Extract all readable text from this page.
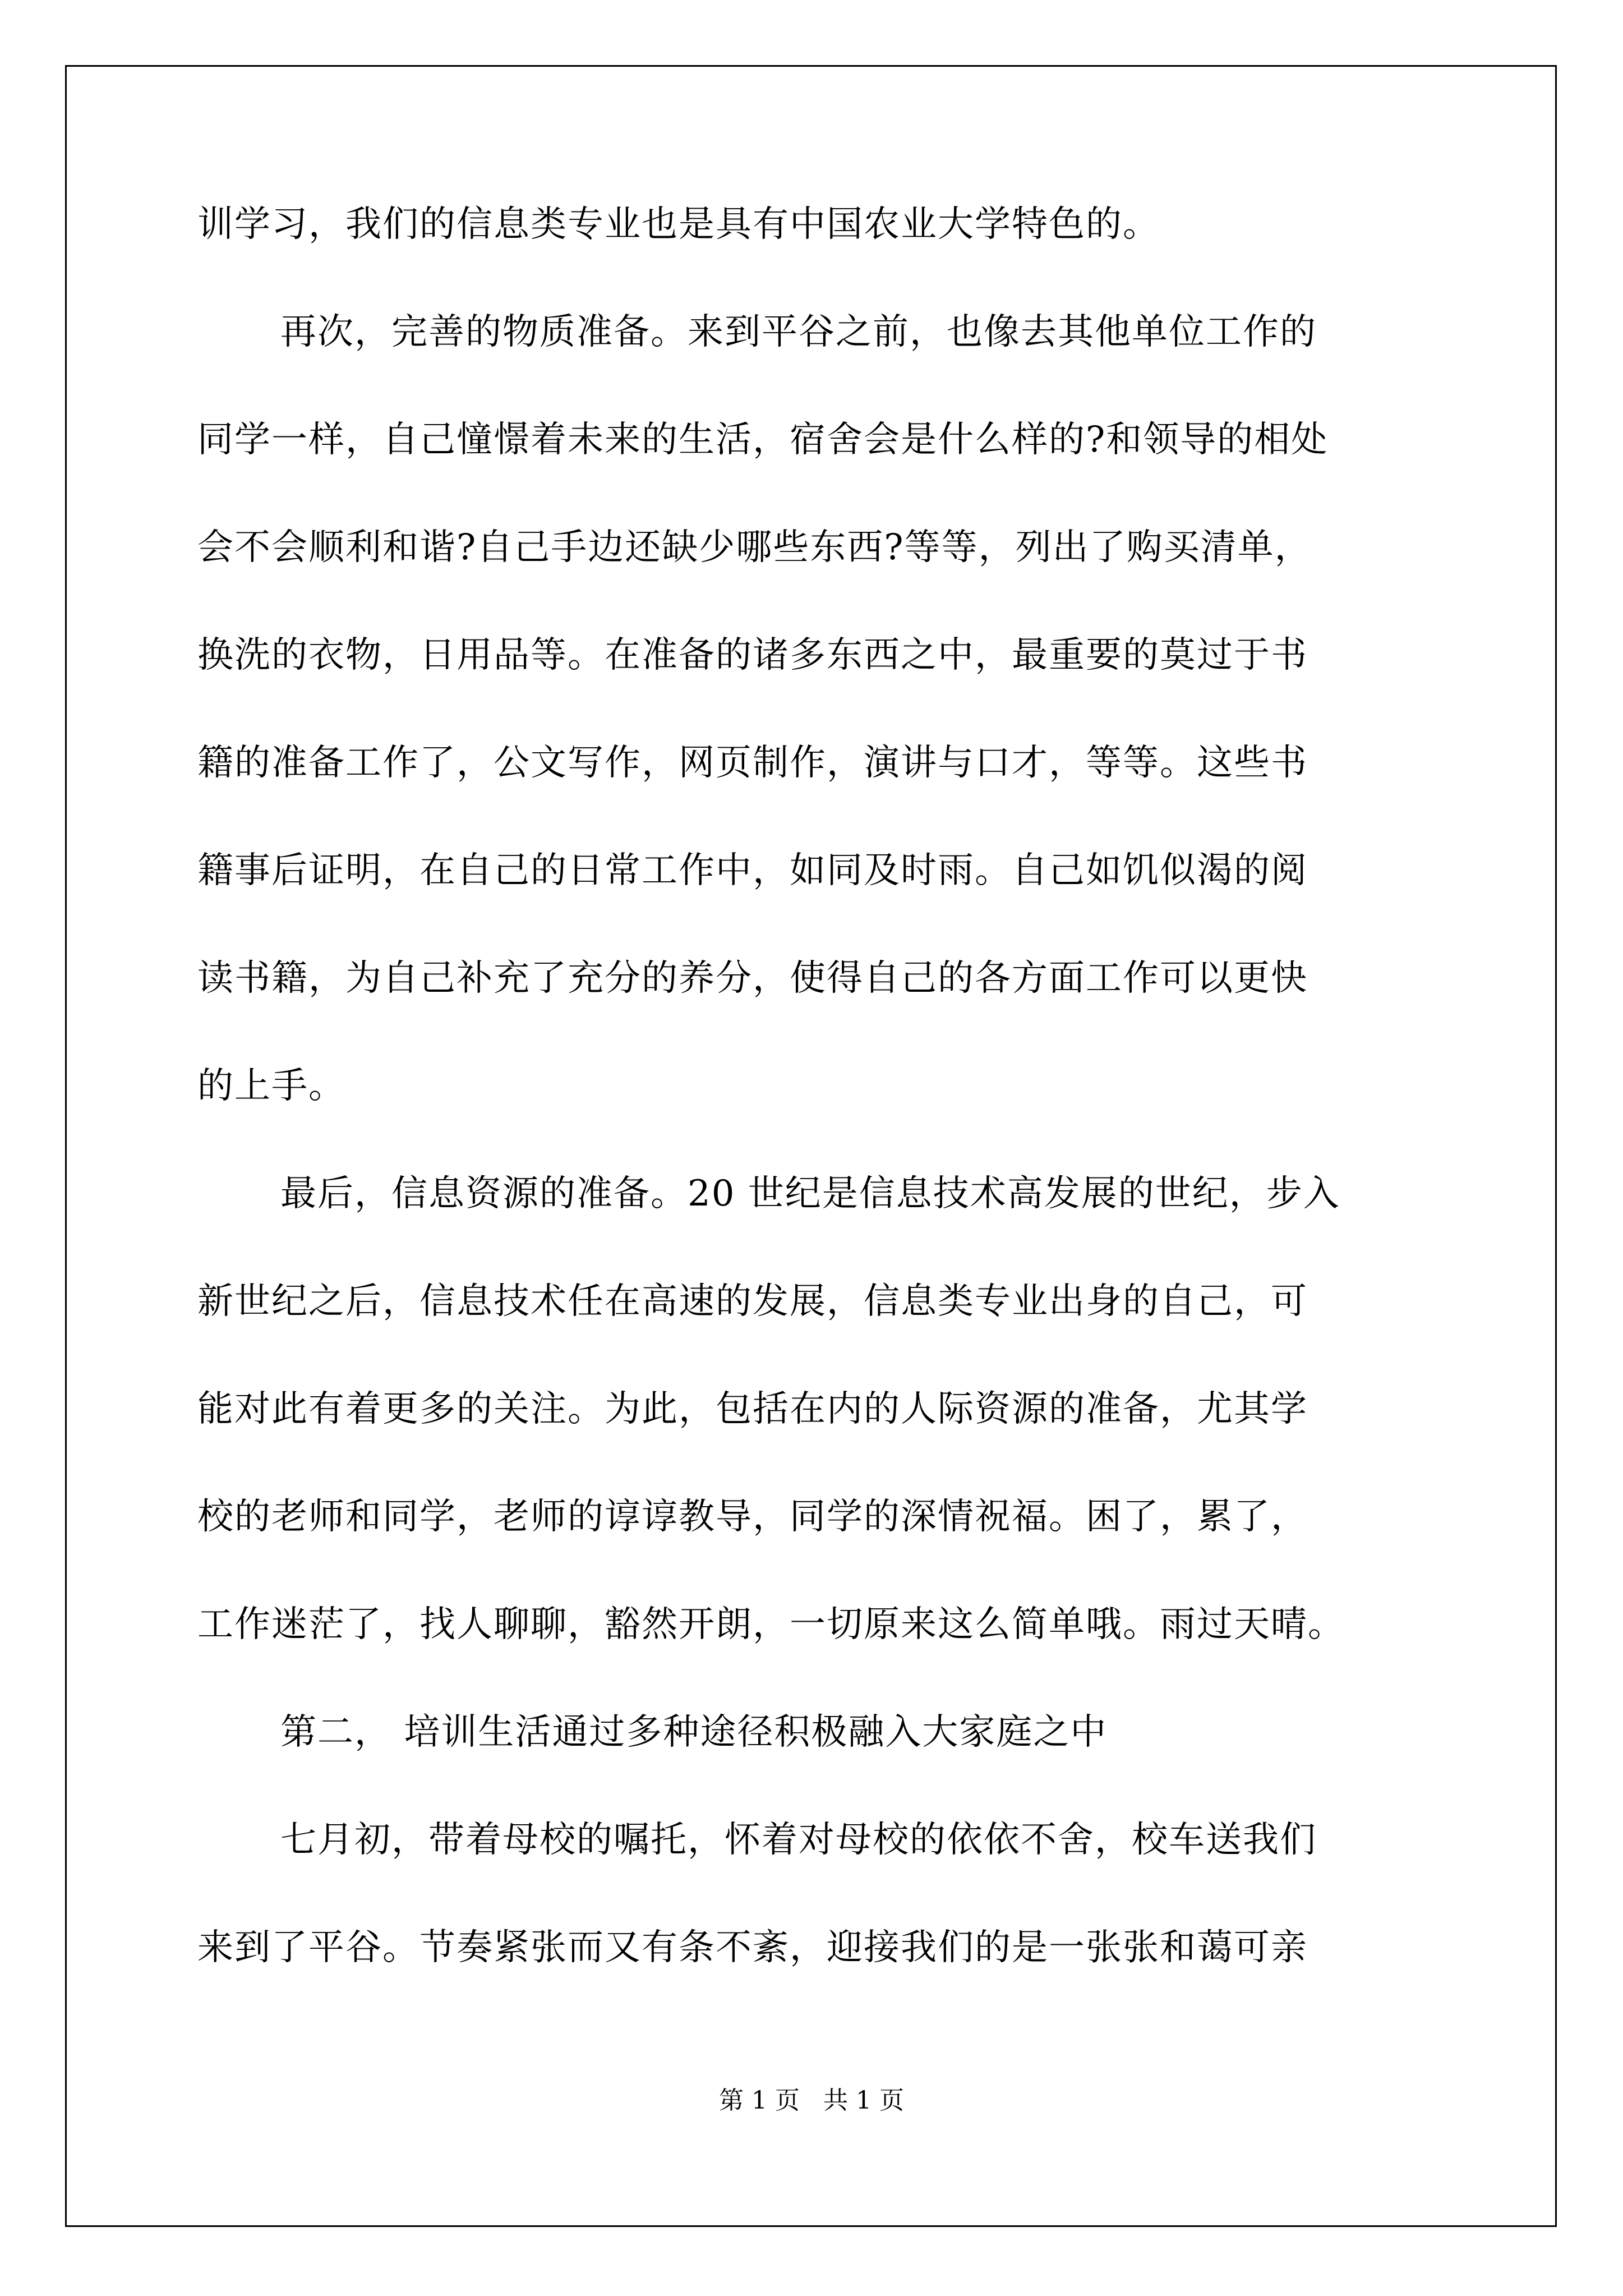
训学习，我们的信息类专业也是具有中国农业大学特色的。

再次，完善的物质准备。来到平谷之前，也像去其他单位工作的

同学一样，自己憧憬着未来的生活，宿舍会是什么样的?和领导的相处

会不会顺利和谐?自己手边还缺少哪些东西?等等，列出了购买清单，

换洗的衣物，日用品等。在准备的诸多东西之中，最重要的莫过于书

籍的准备工作了，公文写作，网页制作，演讲与口才，等等。这些书

籍事后证明，在自己的日常工作中，如同及时雨。自己如饥似渴的阅

读书籍，为自己补充了充分的养分，使得自己的各方面工作可以更快

的上手。

最后，信息资源的准备。20 世纪是信息技术高发展的世纪，步入

新世纪之后，信息技术任在高速的发展，信息类专业出身的自己，可

能对此有着更多的关注。为此，包括在内的人际资源的准备，尤其学

校的老师和同学，老师的谆谆教导，同学的深情祝福。困了，累了，

工作迷茫了，找人聊聊，豁然开朗，一切原来这么简单哦。雨过天晴。

第二， 培训生活通过多种途径积极融入大家庭之中

七月初，带着母校的嘱托，怀着对母校的依依不舍，校车送我们

来到了平谷。节奏紧张而又有条不紊，迎接我们的是一张张和蔼可亲

第 1 页   共 1 页
